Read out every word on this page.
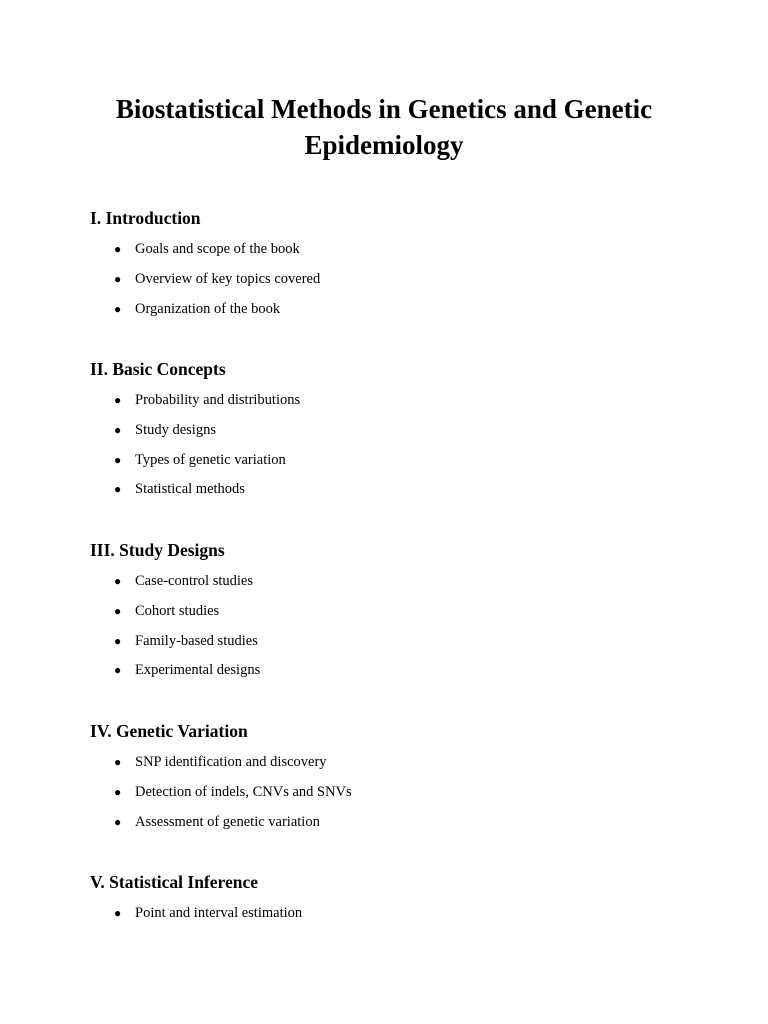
Biostatistical Methods in Genetics and Genetic
Epidemiology
I. Introduction
● Goals and scope of the book
● Overview of key topics covered
● Organization of the book
II. Basic Concepts
● Probability and distributions
● Study designs
● Types of genetic variation
● Statistical methods
III. Study Designs
● Case-control studies
● Cohort studies
● Family-based studies
● Experimental designs
IV. Genetic Variation
● SNP identification and discovery
● Detection of indels, CNVs and SNVs
● Assessment of genetic variation
V. Statistical Inference
● Point and interval estimation
